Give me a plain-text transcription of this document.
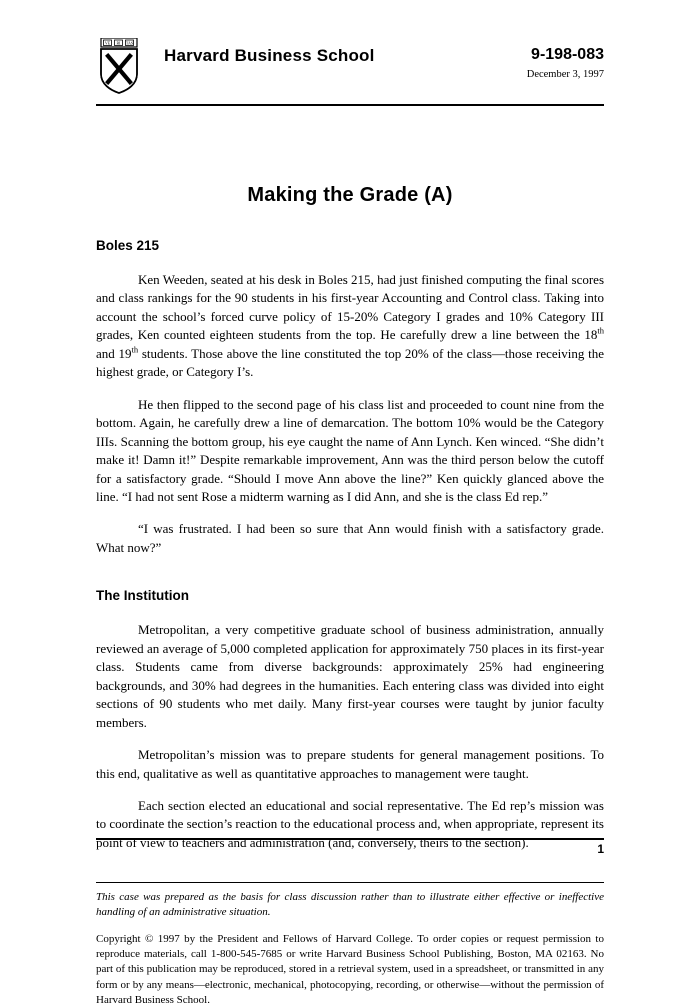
VE RI TAS
Harvard Business School	9-198-083
December 3, 1997
Making the Grade (A)
Boles 215

Ken Weeden, seated at his desk in Boles 215, had just finished computing the final scores and class rankings for the 90 students in his first-year Accounting and Control class. Taking into account the school’s forced curve policy of 15-20% Category I grades and 10% Category III grades, Ken counted eighteen students from the top. He carefully drew a line between the 18th and 19th students. Those above the line constituted the top 20% of the class—those receiving the highest grade, or Category I’s.

He then flipped to the second page of his class list and proceeded to count nine from the bottom. Again, he carefully drew a line of demarcation. The bottom 10% would be the Category IIIs. Scanning the bottom group, his eye caught the name of Ann Lynch. Ken winced. “She didn’t make it! Damn it!” Despite remarkable improvement, Ann was the third person below the cutoff for a satisfactory grade. “Should I move Ann above the line?” Ken quickly glanced above the line. “I had not sent Rose a midterm warning as I did Ann, and she is the class Ed rep.”

“I was frustrated. I had been so sure that Ann would finish with a satisfactory grade. What now?”

The Institution

Metropolitan, a very competitive graduate school of business administration, annually reviewed an average of 5,000 completed application for approximately 750 places in its first-year class. Students came from diverse backgrounds: approximately 25% had engineering backgrounds, and 30% had degrees in the humanities. Each entering class was divided into eight sections of 90 students who met daily. Many first-year courses were taught by junior faculty members.

Metropolitan’s mission was to prepare students for general management positions. To this end, qualitative as well as quantitative approaches to management were taught.

Each section elected an educational and social representative. The Ed rep’s mission was to coordinate the section’s reaction to the educational process and, when appropriate, represent its point of view to teachers and administration (and, conversely, theirs to the section).

This case was prepared as the basis for class discussion rather than to illustrate either effective or ineffective handling of an administrative situation.

Copyright © 1997 by the President and Fellows of Harvard College. To order copies or request permission to reproduce materials, call 1-800-545-7685 or write Harvard Business School Publishing, Boston, MA 02163. No part of this publication may be reproduced, stored in a retrieval system, used in a spreadsheet, or transmitted in any form or by any means—electronic, mechanical, photocopying, recording, or otherwise—without the permission of Harvard Business School.

1
